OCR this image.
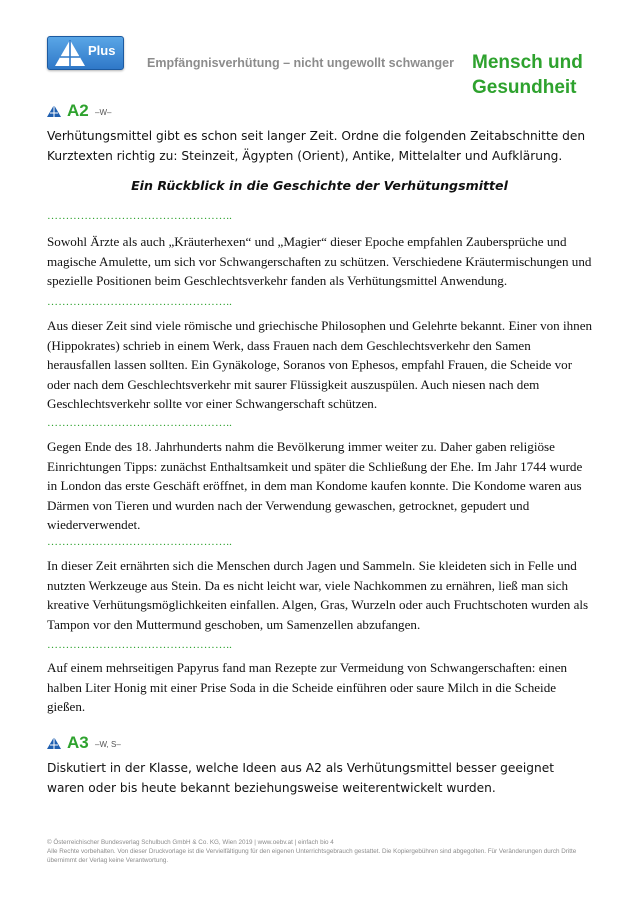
Plus
Empfängnisverhütung – nicht ungewollt schwanger Mensch und Gesundheit
A2 –W–
Verhütungsmittel gibt es schon seit langer Zeit. Ordne die folgenden Zeitabschnitte den Kurztexten richtig zu: Steinzeit, Ägypten (Orient), Antike, Mittelalter und Aufklärung.
Ein Rückblick in die Geschichte der Verhütungsmittel
…………………………………………..
Sowohl Ärzte als auch „Kräuterhexen“ und „Magier“ dieser Epoche empfahlen Zaubersprüche und magische Amulette, um sich vor Schwangerschaften zu schützen. Verschiedene Kräutermischungen und spezielle Positionen beim Geschlechtsverkehr fanden als Verhütungsmittel Anwendung.
…………………………………………..
Aus dieser Zeit sind viele römische und griechische Philosophen und Gelehrte bekannt. Einer von ihnen (Hippokrates) schrieb in einem Werk, dass Frauen nach dem Geschlechtsverkehr den Samen herausfallen lassen sollten. Ein Gynäkologe, Soranos von Ephesos, empfahl Frauen, die Scheide vor oder nach dem Geschlechtsverkehr mit saurer Flüssigkeit auszuspülen. Auch niesen nach dem Geschlechtsverkehr sollte vor einer Schwangerschaft schützen.
…………………………………………..
Gegen Ende des 18. Jahrhunderts nahm die Bevölkerung immer weiter zu. Daher gaben religiöse Einrichtungen Tipps: zunächst Enthaltsamkeit und später die Schließung der Ehe. Im Jahr 1744 wurde in London das erste Geschäft eröffnet, in dem man Kondome kaufen konnte. Die Kondome waren aus Därmen von Tieren und wurden nach der Verwendung gewaschen, getrocknet, gepudert und wiederverwendet.
…………………………………………..
In dieser Zeit ernährten sich die Menschen durch Jagen und Sammeln. Sie kleideten sich in Felle und nutzten Werkzeuge aus Stein. Da es nicht leicht war, viele Nachkommen zu ernähren, ließ man sich kreative Verhütungsmöglichkeiten einfallen. Algen, Gras, Wurzeln oder auch Fruchtschoten wurden als Tampon vor den Muttermund geschoben, um Samenzellen abzufangen.
…………………………………………..
Auf einem mehrseitigen Papyrus fand man Rezepte zur Vermeidung von Schwangerschaften: einen halben Liter Honig mit einer Prise Soda in die Scheide einführen oder saure Milch in die Scheide gießen.
A3 –W, S–
Diskutiert in der Klasse, welche Ideen aus A2 als Verhütungsmittel besser geeignet waren oder bis heute bekannt beziehungsweise weiterentwickelt wurden.
© Österreichischer Bundesverlag Schulbuch GmbH & Co. KG, Wien 2019 | www.oebv.at | einfach bio 4
Alle Rechte vorbehalten. Von dieser Druckvorlage ist die Vervielfältigung für den eigenen Unterrichtsgebrauch gestattet. Die Kopiergebühren sind abgegolten. Für Veränderungen durch Dritte übernimmt der Verlag keine Verantwortung.
